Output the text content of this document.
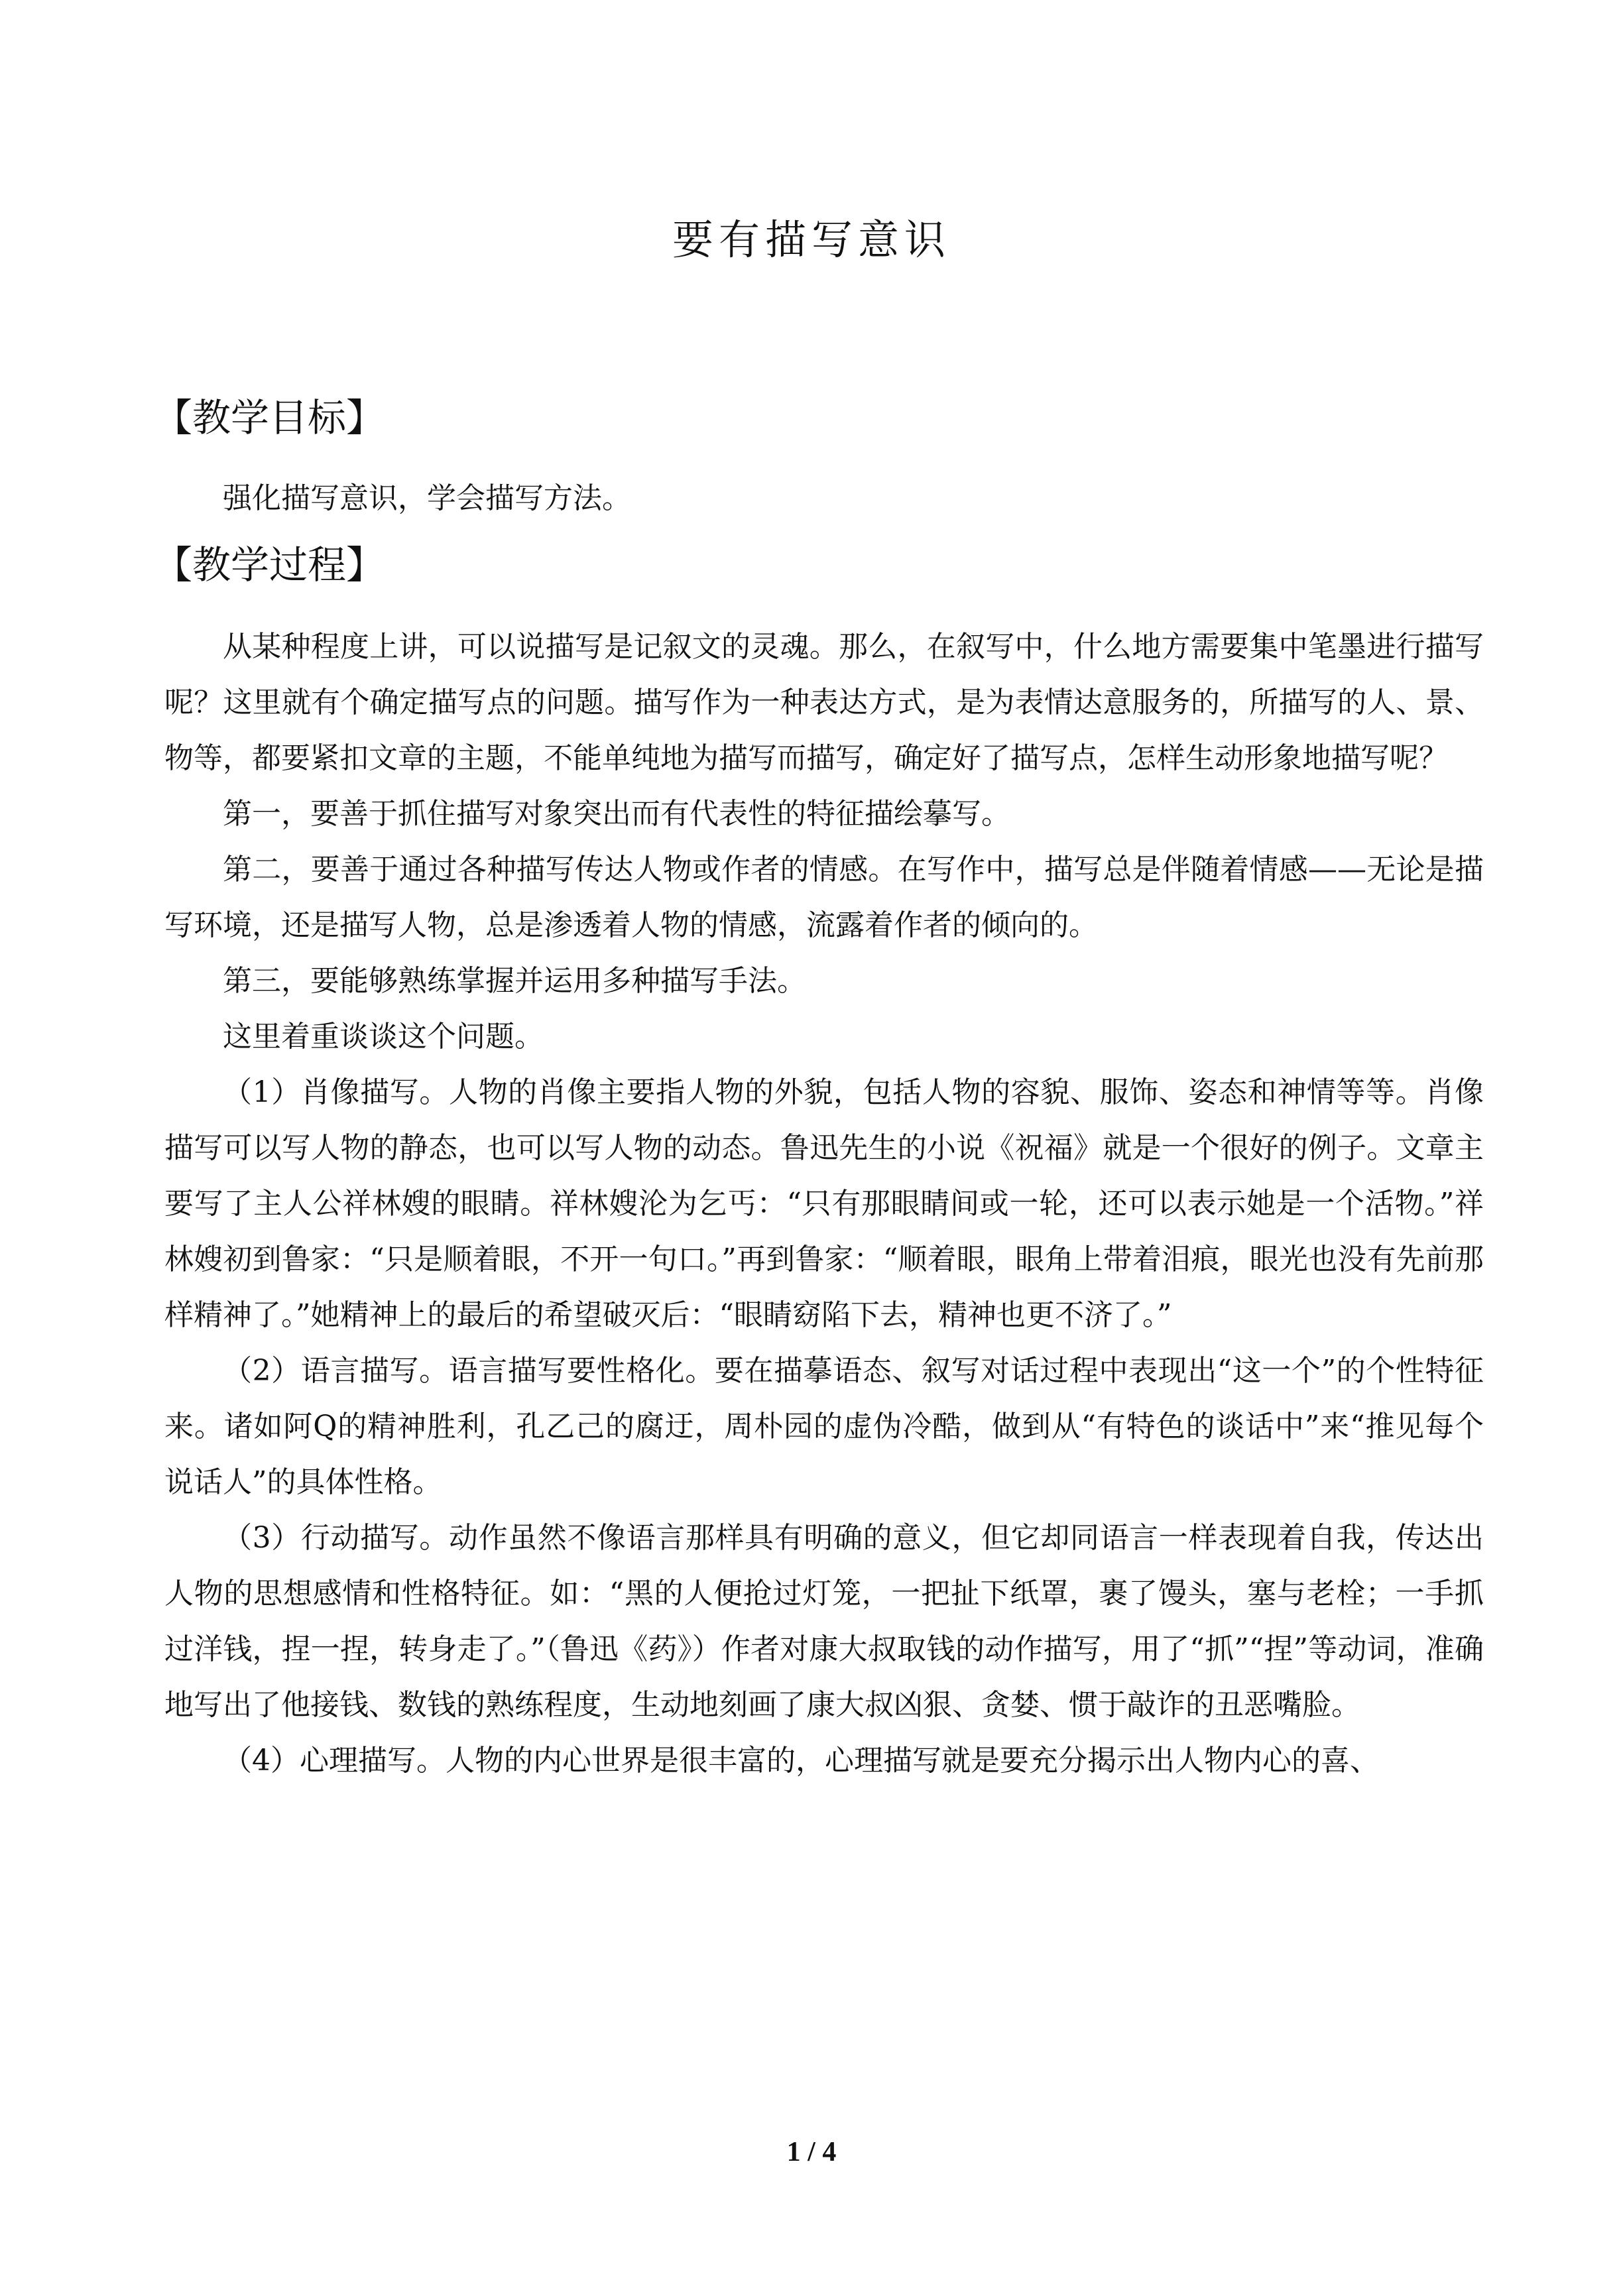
要有描写意识
【教学目标】

强化描写意识，学会描写方法。

【教学过程】

从某种程度上讲，可以说描写是记叙文的灵魂。那么，在叙写中，什么地方需要集中笔墨进行描写呢？这里就有个确定描写点的问题。描写作为一种表达方式，是为表情达意服务的，所描写的人、景、物等，都要紧扣文章的主题，不能单纯地为描写而描写，确定好了描写点，怎样生动形象地描写呢？

第一，要善于抓住描写对象突出而有代表性的特征描绘摹写。

第二，要善于通过各种描写传达人物或作者的情感。在写作中，描写总是伴随着情感——无论是描写环境，还是描写人物，总是渗透着人物的情感，流露着作者的倾向的。

第三，要能够熟练掌握并运用多种描写手法。

这里着重谈谈这个问题。

（1）肖像描写。人物的肖像主要指人物的外貌，包括人物的容貌、服饰、姿态和神情等等。肖像描写可以写人物的静态，也可以写人物的动态。鲁迅先生的小说《祝福》就是一个很好的例子。文章主要写了主人公祥林嫂的眼睛。祥林嫂沦为乞丐：“只有那眼睛间或一轮，还可以表示她是一个活物。”祥林嫂初到鲁家：“只是顺着眼，不开一句口。”再到鲁家：“顺着眼，眼角上带着泪痕，眼光也没有先前那样精神了。”她精神上的最后的希望破灭后：“眼睛窈陷下去，精神也更不济了。”

（2）语言描写。语言描写要性格化。要在描摹语态、叙写对话过程中表现出“这一个”的个性特征来。诸如阿Q的精神胜利，孔乙己的腐迂，周朴园的虚伪冷酷，做到从“有特色的谈话中”来“推见每个说话人”的具体性格。

（3）行动描写。动作虽然不像语言那样具有明确的意义，但它却同语言一样表现着自我，传达出人物的思想感情和性格特征。如：“黑的人便抢过灯笼，一把扯下纸罩，裹了馒头，塞与老栓；一手抓过洋钱，捏一捏，转身走了。”（鲁迅《药》）作者对康大叔取钱的动作描写，用了“抓”“捏”等动词，准确地写出了他接钱、数钱的熟练程度，生动地刻画了康大叔凶狠、贪婪、惯于敲诈的丑恶嘴脸。

（4）心理描写。人物的内心世界是很丰富的，心理描写就是要充分揭示出人物内心的喜、

1 / 4
